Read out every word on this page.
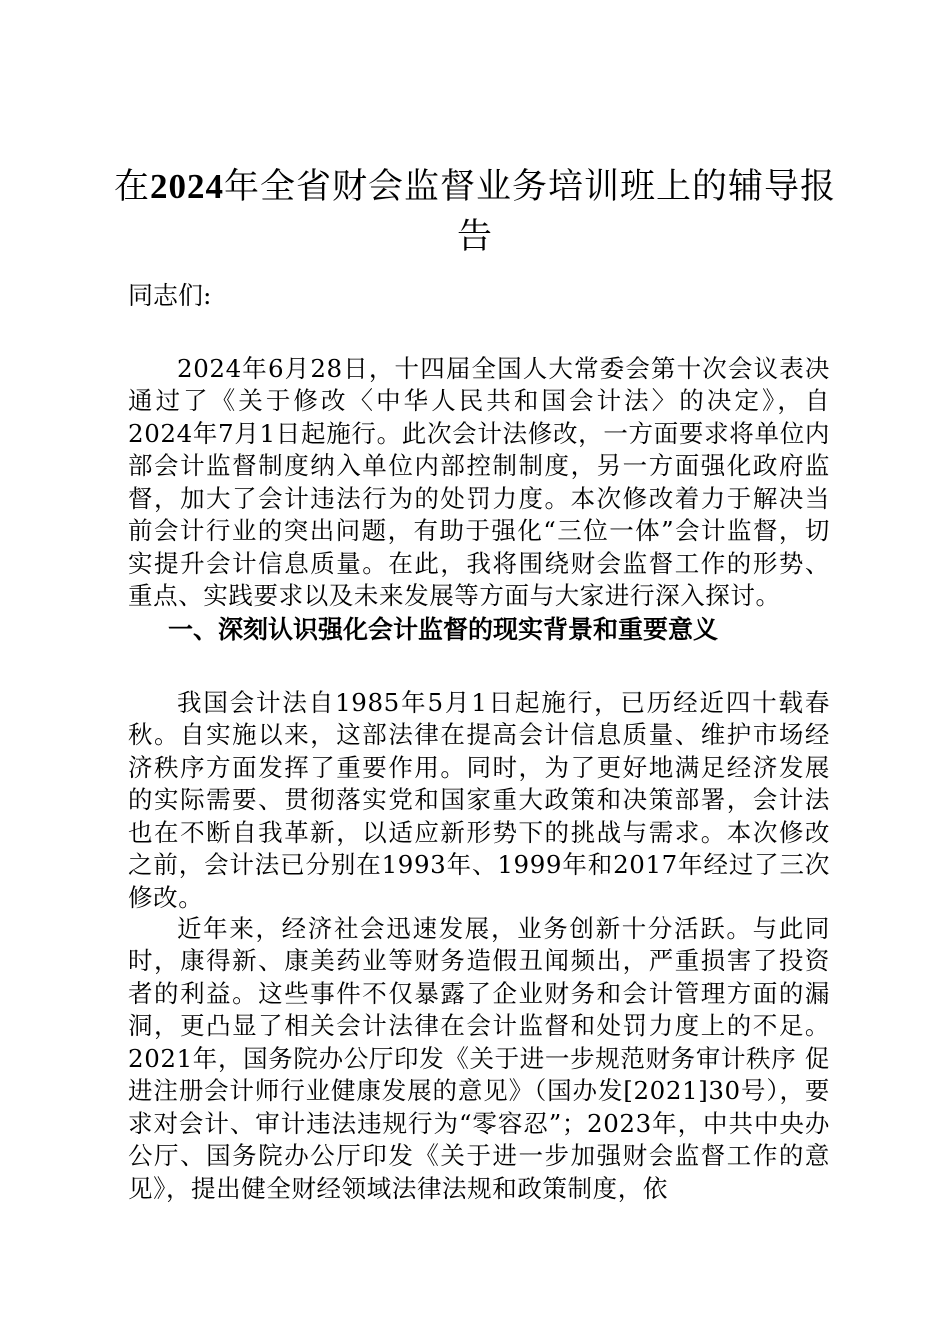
在2024年全省财会监督业务培训班上的辅导报告
同志们:

2024年6月28日，十四届全国人大常委会第十次会议表决通过了《关于修改〈中华人民共和国会计法〉的决定》，自2024年7月1日起施行。此次会计法修改，一方面要求将单位内部会计监督制度纳入单位内部控制制度，另一方面强化政府监督，加大了会计违法行为的处罚力度。本次修改着力于解决当前会计行业的突出问题，有助于强化“三位一体”会计监督，切实提升会计信息质量。在此，我将围绕财会监督工作的形势、重点、实践要求以及未来发展等方面与大家进行深入探讨。

一、深刻认识强化会计监督的现实背景和重要意义

我国会计法自1985年5月1日起施行，已历经近四十载春秋。自实施以来，这部法律在提高会计信息质量、维护市场经济秩序方面发挥了重要作用。同时，为了更好地满足经济发展的实际需要、贯彻落实党和国家重大政策和决策部署，会计法也在不断自我革新，以适应新形势下的挑战与需求。本次修改之前，会计法已分别在1993年、1999年和2017年经过了三次修改。

近年来，经济社会迅速发展，业务创新十分活跃。与此同时，康得新、康美药业等财务造假丑闻频出，严重损害了投资者的利益。这些事件不仅暴露了企业财务和会计管理方面的漏洞，更凸显了相关会计法律在会计监督和处罚力度上的不足。2021年，国务院办公厅印发《关于进一步规范财务审计秩序 促进注册会计师行业健康发展的意见》（国办发[2021]30号），要求对会计、审计违法违规行为“零容忍”；2023年，中共中央办公厅、国务院办公厅印发《关于进一步加强财会监督工作的意见》，提出健全财经领域法律法规和政策制度，依
